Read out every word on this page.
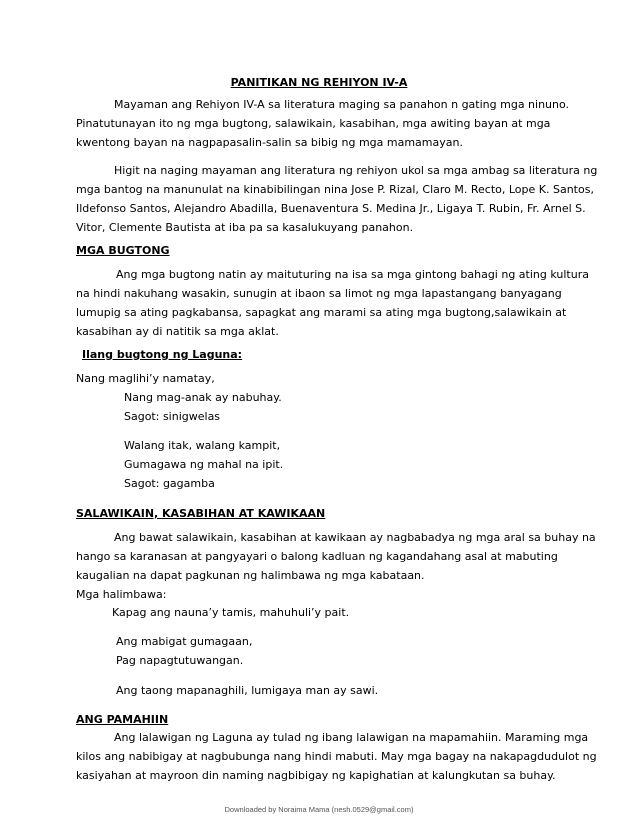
PANITIKAN NG REHIYON IV-A
Mayaman ang Rehiyon IV-A sa literatura maging sa panahon n gating mga ninuno.
Pinatutunayan ito ng mga bugtong, salawikain, kasabihan, mga awiting bayan at mga
kwentong bayan na nagpapasalin-salin sa bibig ng mga mamamayan.
Higit na naging mayaman ang literatura ng rehiyon ukol sa mga ambag sa literatura ng
mga bantog na manunulat na kinabibilingan nina Jose P. Rizal, Claro M. Recto, Lope K. Santos,
Ildefonso Santos, Alejandro Abadilla, Buenaventura S. Medina Jr., Ligaya T. Rubin, Fr. Arnel S.
Vitor, Clemente Bautista at iba pa sa kasalukuyang panahon.
MGA BUGTONG
Ang mga bugtong natin ay maituturing na isa sa mga gintong bahagi ng ating kultura
na hindi nakuhang wasakin, sunugin at ibaon sa limot ng mga lapastangang banyagang
lumupig sa ating pagkabansa, sapagkat ang marami sa ating mga bugtong,salawikain at
kasabihan ay di natitik sa mga aklat.
Ilang bugtong ng Laguna:
Nang maglihi’y namatay,
Nang mag-anak ay nabuhay.
Sagot: sinigwelas
Walang itak, walang kampit,
Gumagawa ng mahal na ipit.
Sagot: gagamba
SALAWIKAIN, KASABIHAN AT KAWIKAAN
Ang bawat salawikain, kasabihan at kawikaan ay nagbabadya ng mga aral sa buhay na
hango sa karanasan at pangyayari o balong kadluan ng kagandahang asal at mabuting
kaugalian na dapat pagkunan ng halimbawa ng mga kabataan.
Mga halimbawa:
Kapag ang nauna’y tamis, mahuhuli’y pait.
Ang mabigat gumagaan,
Pag napagtutuwangan.
Ang taong mapanaghili, lumigaya man ay sawi.
ANG PAMAHIIN
Ang lalawigan ng Laguna ay tulad ng ibang lalawigan na mapamahiin. Maraming mga
kilos ang nabibigay at nagbubunga nang hindi mabuti. May mga bagay na nakapagdudulot ng
kasiyahan at mayroon din naming nagbibigay ng kapighatian at kalungkutan sa buhay.
Downloaded by Noraima Mama (nesh.0529@gmail.com)
